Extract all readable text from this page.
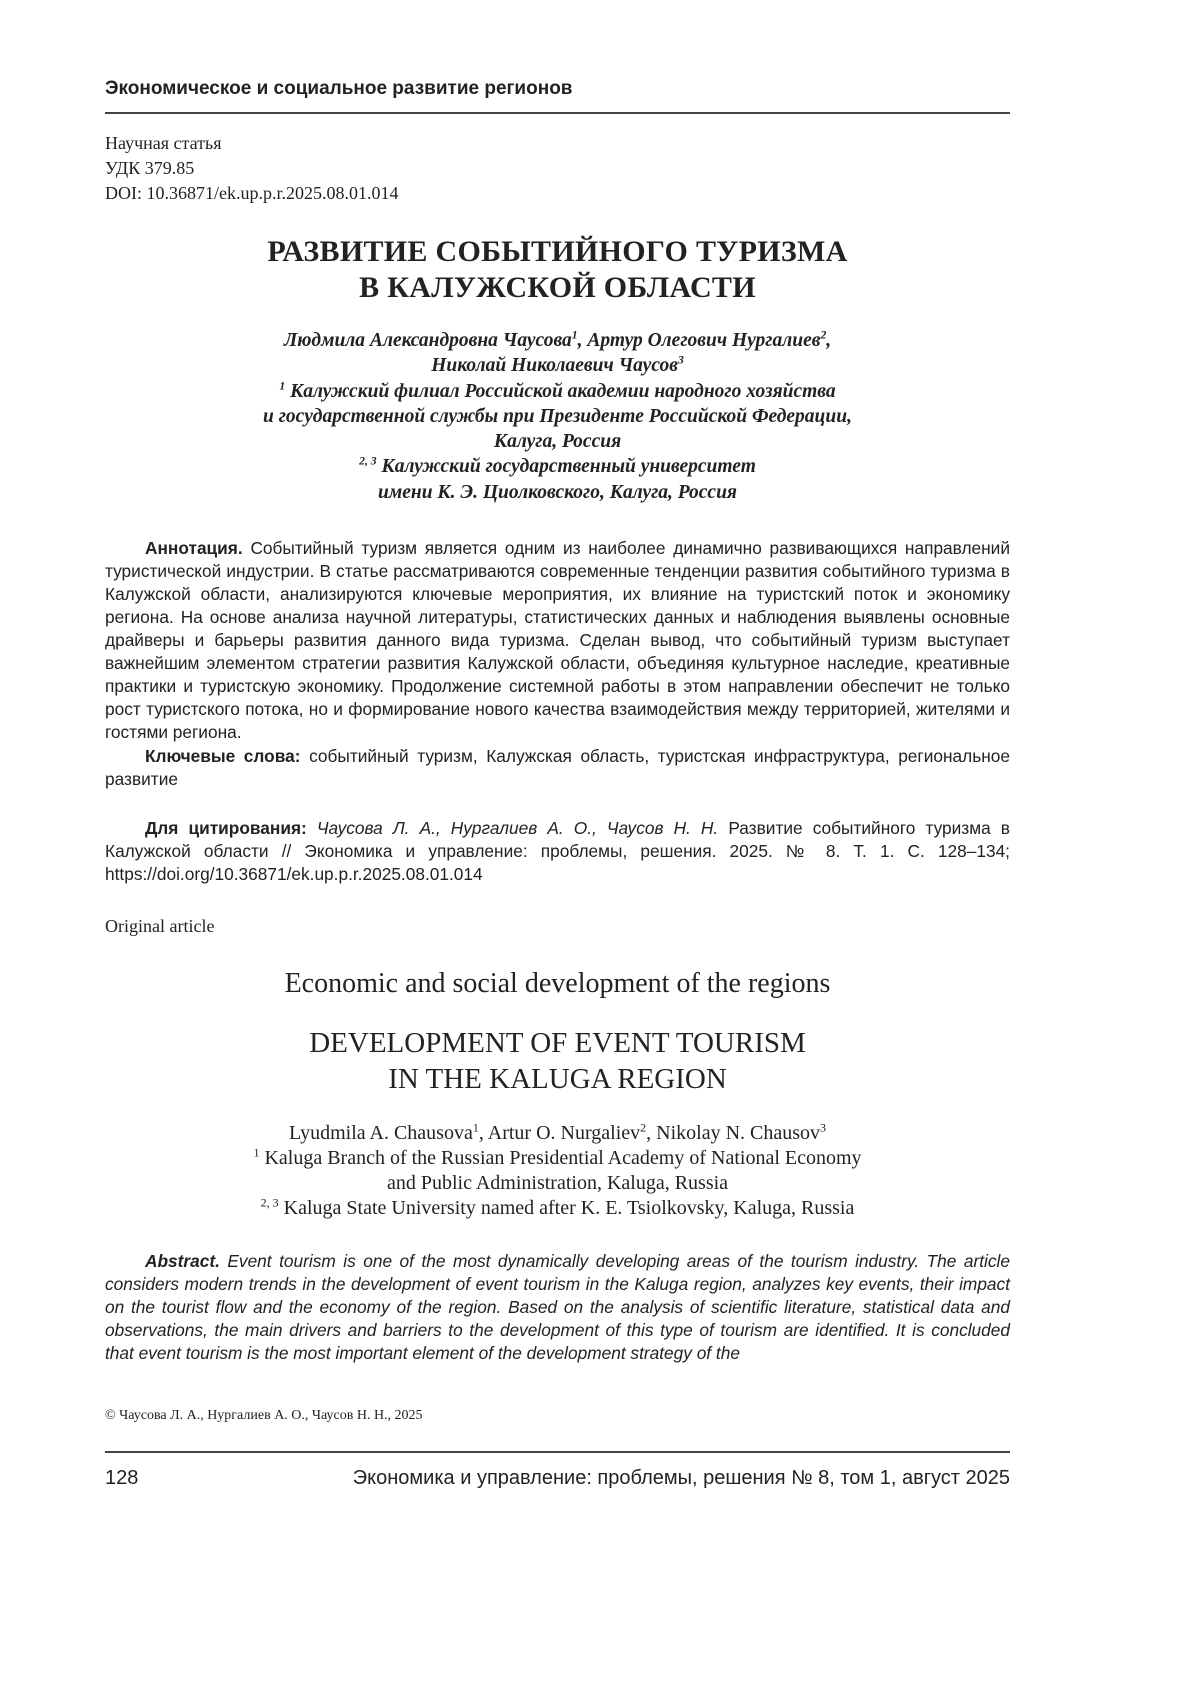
Экономическое и социальное развитие регионов
Научная статья
УДК 379.85
DOI: 10.36871/ek.up.p.r.2025.08.01.014
РАЗВИТИЕ СОБЫТИЙНОГО ТУРИЗМА
В КАЛУЖСКОЙ ОБЛАСТИ
Людмила Александровна Чаусова$^1$, Артур Олегович Нургалиев$^2$,
Николай Николаевич Чаусов$^3$
$^1$ Калужский филиал Российской академии народного хозяйства
и государственной службы при Президенте Российской Федерации,
Калуга, Россия
$^{2, 3}$ Калужский государственный университет
имени К. Э. Циолковского, Калуга, Россия
Аннотация. Событийный туризм является одним из наиболее динамично развивающихся направлений туристической индустрии. В статье рассматриваются современные тенденции развития событийного туризма в Калужской области, анализируются ключевые мероприятия, их влияние на туристский поток и экономику региона. На основе анализа научной литературы, статистических данных и наблюдения выявлены основные драйверы и барьеры развития данного вида туризма. Сделан вывод, что событийный туризм выступает важнейшим элементом стратегии развития Калужской области, объединяя культурное наследие, креативные практики и туристскую экономику. Продолжение системной работы в этом направлении обеспечит не только рост туристского потока, но и формирование нового качества взаимодействия между территорией, жителями и гостями региона.
Ключевые слова: событийный туризм, Калужская область, туристская инфраструктура, региональное развитие
Для цитирования: Чаусова Л. А., Нургалиев А. О., Чаусов Н. Н. Развитие событийного туризма в Калужской области // Экономика и управление: проблемы, решения. 2025. № 8. Т. 1. С. 128–134; https://doi.org/10.36871/ek.up.p.r.2025.08.01.014
Original article
Economic and social development of the regions
DEVELOPMENT OF EVENT TOURISM
IN THE KALUGA REGION
Lyudmila A. Chausova$^1$, Artur O. Nurgaliev$^2$, Nikolay N. Chausov$^3$
$^1$ Kaluga Branch of the Russian Presidential Academy of National Economy
and Public Administration, Kaluga, Russia
$^{2, 3}$ Kaluga State University named after K. E. Tsiolkovsky, Kaluga, Russia
Abstract. Event tourism is one of the most dynamically developing areas of the tourism industry. The article considers modern trends in the development of event tourism in the Kaluga region, analyzes key events, their impact on the tourist flow and the economy of the region. Based on the analysis of scientific literature, statistical data and observations, the main drivers and barriers to the development of this type of tourism are identified. It is concluded that event tourism is the most important element of the development strategy of the
© Чаусова Л. А., Нургалиев А. О., Чаусов Н. Н., 2025
128	Экономика и управление: проблемы, решения № 8, том 1, август 2025
